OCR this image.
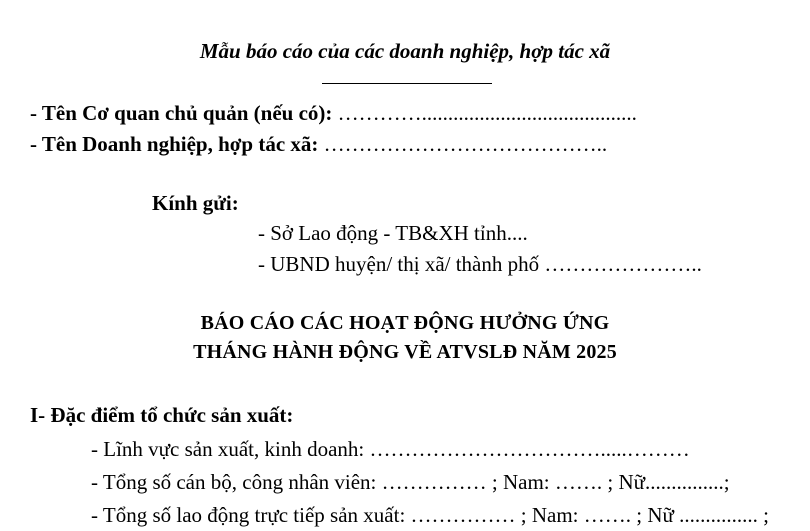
Mẫu báo cáo của các doanh nghiệp, hợp tác xã
- Tên Cơ quan chủ quản (nếu có): ………….........................................
- Tên Doanh nghiệp, hợp tác xã: …………………………………..
Kính gửi:
- Sở Lao động - TB&XH tỉnh....
- UBND huyện/ thị xã/ thành phố …………………..
BÁO CÁO CÁC HOẠT ĐỘNG HƯỞNG ỨNG
THÁNG HÀNH ĐỘNG VỀ ATVSLĐ NĂM 2025
I- Đặc điểm tổ chức sản xuất:
- Lĩnh vực sản xuất, kinh doanh: …………………………….....………
- Tổng số cán bộ, công nhân viên: …………… ; Nam: ……. ; Nữ...............;
- Tổng số lao động trực tiếp sản xuất: …………… ; Nam: ……. ; Nữ ............... ;
